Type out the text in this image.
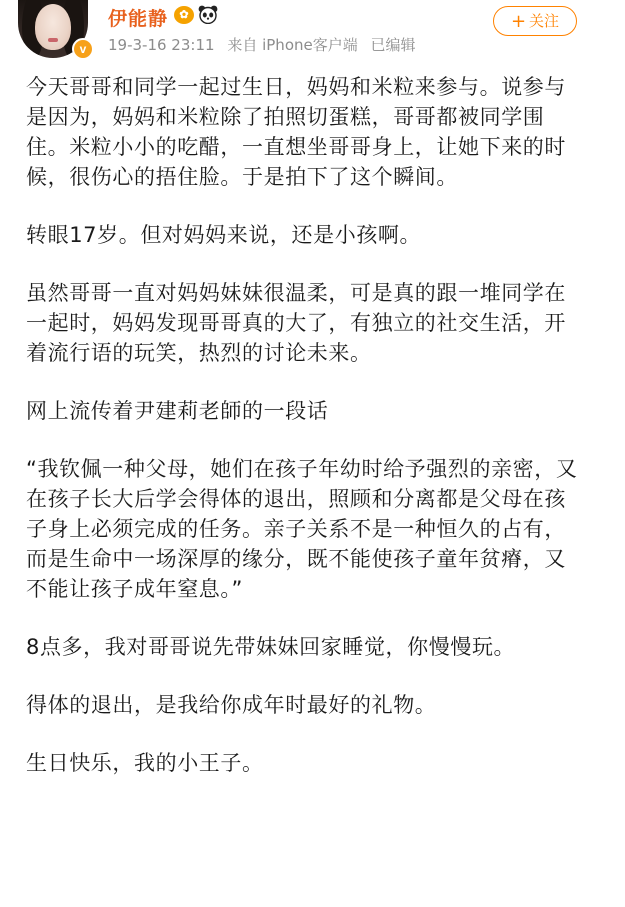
v
伊能静	✿
19-3-16 23:11 来自 iPhone客户端 已编辑
+ 关注

今天哥哥和同学一起过生日，妈妈和米粒来参与。说参与是因为，妈妈和米粒除了拍照切蛋糕，哥哥都被同学围住。米粒小小的吃醋，一直想坐哥哥身上，让她下来的时候，很伤心的捂住脸。于是拍下了这个瞬间。

转眼17岁。但对妈妈来说，还是小孩啊。

虽然哥哥一直对妈妈妹妹很温柔，可是真的跟一堆同学在一起时，妈妈发现哥哥真的大了，有独立的社交生活，开着流行语的玩笑，热烈的讨论未来。

网上流传着尹建莉老師的一段话

“我钦佩一种父母，她们在孩子年幼时给予强烈的亲密，又在孩子长大后学会得体的退出，照顾和分离都是父母在孩子身上必须完成的任务。亲子关系不是一种恒久的占有，而是生命中一场深厚的缘分，既不能使孩子童年贫瘠，又不能让孩子成年窒息。”

8点多，我对哥哥说先带妹妹回家睡觉，你慢慢玩。

得体的退出，是我给你成年时最好的礼物。

生日快乐，我的小王子。
